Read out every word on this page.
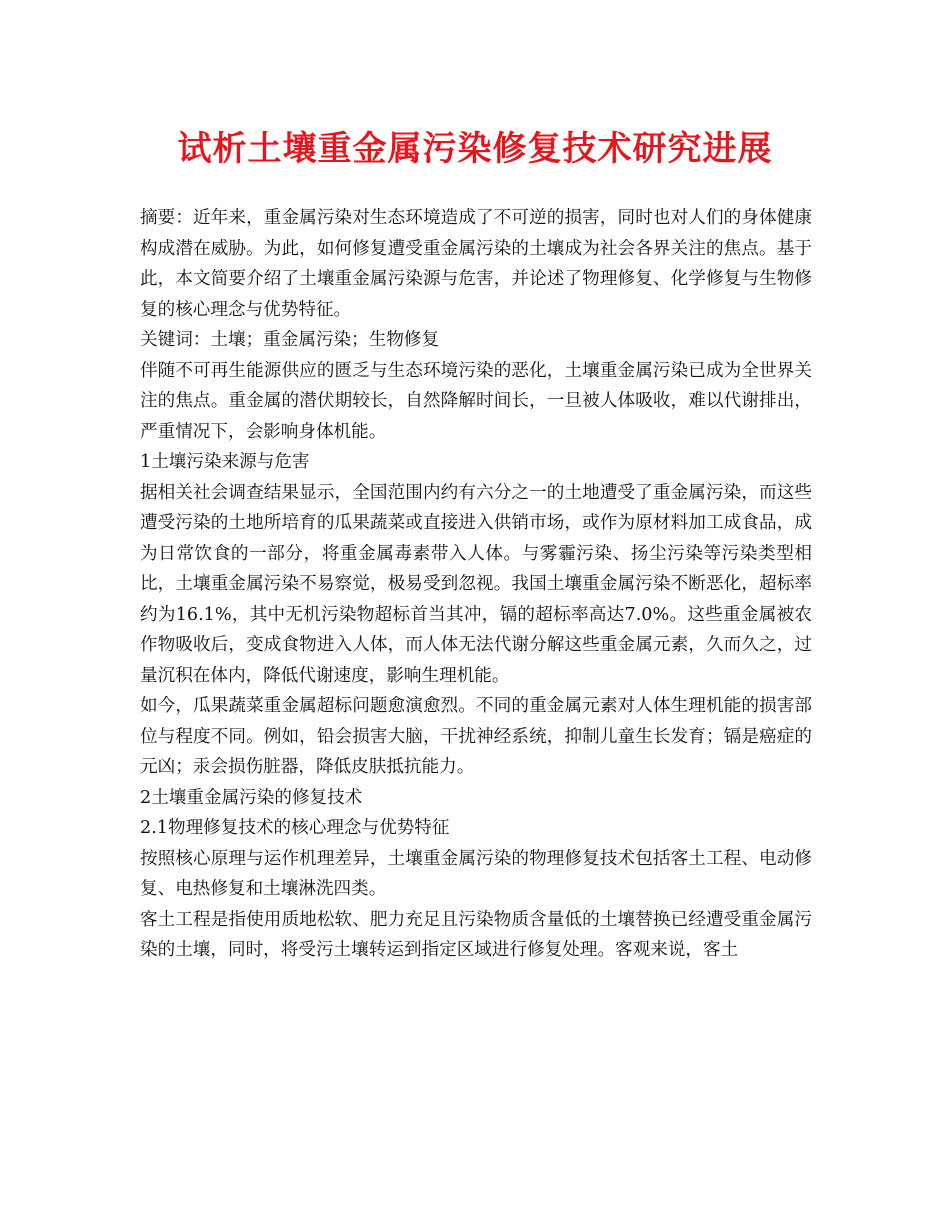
试析土壤重金属污染修复技术研究进展

摘要：近年来，重金属污染对生态环境造成了不可逆的损害，同时也对人们的身体健康构成潜在威胁。为此，如何修复遭受重金属污染的土壤成为社会各界关注的焦点。基于此，本文简要介绍了土壤重金属污染源与危害，并论述了物理修复、化学修复与生物修复的核心理念与优势特征。

关键词：土壤；重金属污染；生物修复

伴随不可再生能源供应的匮乏与生态环境污染的恶化，土壤重金属污染已成为全世界关注的焦点。重金属的潜伏期较长，自然降解时间长，一旦被人体吸收，难以代谢排出，严重情况下，会影响身体机能。

1土壤污染来源与危害

据相关社会调查结果显示，全国范围内约有六分之一的土地遭受了重金属污染，而这些遭受污染的土地所培育的瓜果蔬菜或直接进入供销市场，或作为原材料加工成食品，成为日常饮食的一部分，将重金属毒素带入人体。与雾霾污染、扬尘污染等污染类型相比，土壤重金属污染不易察觉，极易受到忽视。我国土壤重金属污染不断恶化，超标率约为16.1%，其中无机污染物超标首当其冲，镉的超标率高达7.0%。这些重金属被农作物吸收后，变成食物进入人体，而人体无法代谢分解这些重金属元素，久而久之，过量沉积在体内，降低代谢速度，影响生理机能。

如今，瓜果蔬菜重金属超标问题愈演愈烈。不同的重金属元素对人体生理机能的损害部位与程度不同。例如，铅会损害大脑，干扰神经系统，抑制儿童生长发育；镉是癌症的元凶；汞会损伤脏器，降低皮肤抵抗能力。

2土壤重金属污染的修复技术

2.1物理修复技术的核心理念与优势特征

按照核心原理与运作机理差异，土壤重金属污染的物理修复技术包括客土工程、电动修复、电热修复和土壤淋洗四类。

客土工程是指使用质地松软、肥力充足且污染物质含量低的土壤替换已经遭受重金属污染的土壤，同时，将受污土壤转运到指定区域进行修复处理。客观来说，客土
